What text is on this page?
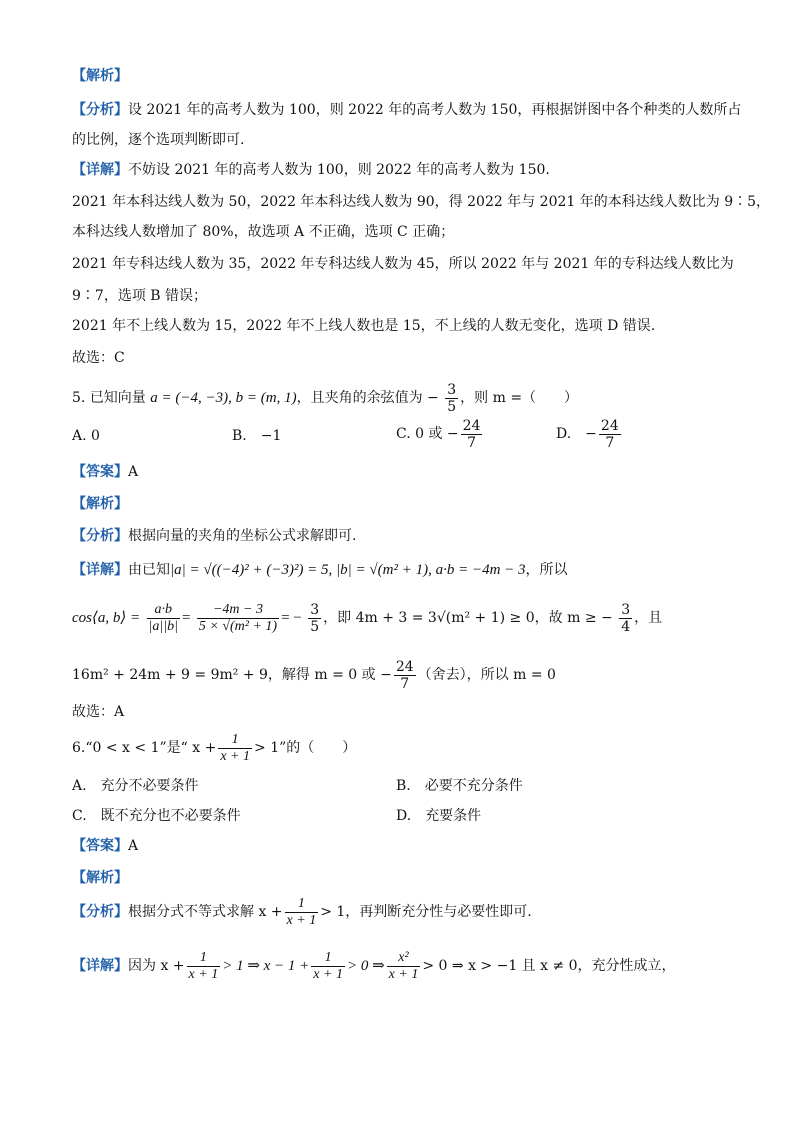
【解析】
【分析】设 2021 年的高考人数为 100，则 2022 年的高考人数为 150，再根据饼图中各个种类的人数所占
的比例，逐个选项判断即可.
【详解】不妨设 2021 年的高考人数为 100，则 2022 年的高考人数为 150.
2021 年本科达线人数为 50，2022 年本科达线人数为 90，得 2022 年与 2021 年的本科达线人数比为 9∶5，
本科达线人数增加了 80%，故选项 A 不正确，选项 C 正确；
2021 年专科达线人数为 35，2022 年专科达线人数为 45，所以 2022 年与 2021 年的专科达线人数比为
9∶7，选项 B 错误；
2021 年不上线人数为 15，2022 年不上线人数也是 15，不上线的人数无变化，选项 D 错误.
故选：C
5. 已知向量 a = (−4, −3), b = (m, 1)，且夹角的余弦值为 − $\frac{3}{5}$ ，则 m =（　　）
A. 0	B.　−1	C. 0 或 − $\frac{24}{7}$	D.　− $\frac{24}{7}$
【答案】A
【解析】
【分析】根据向量的夹角的坐标公式求解即可.
【详解】由已知|a| = √((−4)² + (−3)²) = 5, |b| = √(m² + 1), a·b = −4m − 3，所以
cos⟨a, b⟩ = $\frac{a\cdot b}{|a||b|} = \frac{-4m - 3}{\text{5 × √(m² + 1)}}$ = − $\frac{3}{5}$ ，即 4m + 3 = 3√(m² + 1) ≥ 0，故 m ≥ − $\frac{3}{4}$ ，且
16m² + 24m + 9 = 9m² + 9，解得 m = 0 或 − $\frac{24}{7}$ （舍去），所以 m = 0
故选：A
6.“0 < x < 1”是“ $x + \frac{1}{x + 1} > 1$”的（　　）
A.　充分不必要条件	B.　必要不充分条件
C.　既不充分也不必要条件	D.　充要条件
【答案】A
【解析】
【分析】根据分式不等式求解 $x + \frac{1}{x + 1} > 1$，再判断充分性与必要性即可.
【详解】因为 $x + \frac{1}{x + 1} > 1$ ⇒ $x - 1 + \frac{1}{x + 1} > 0$ ⇒ $\frac{\text{x²}}{x + 1} > 0$ ⇒ x > −1 且 x ≠ 0，充分性成立，
